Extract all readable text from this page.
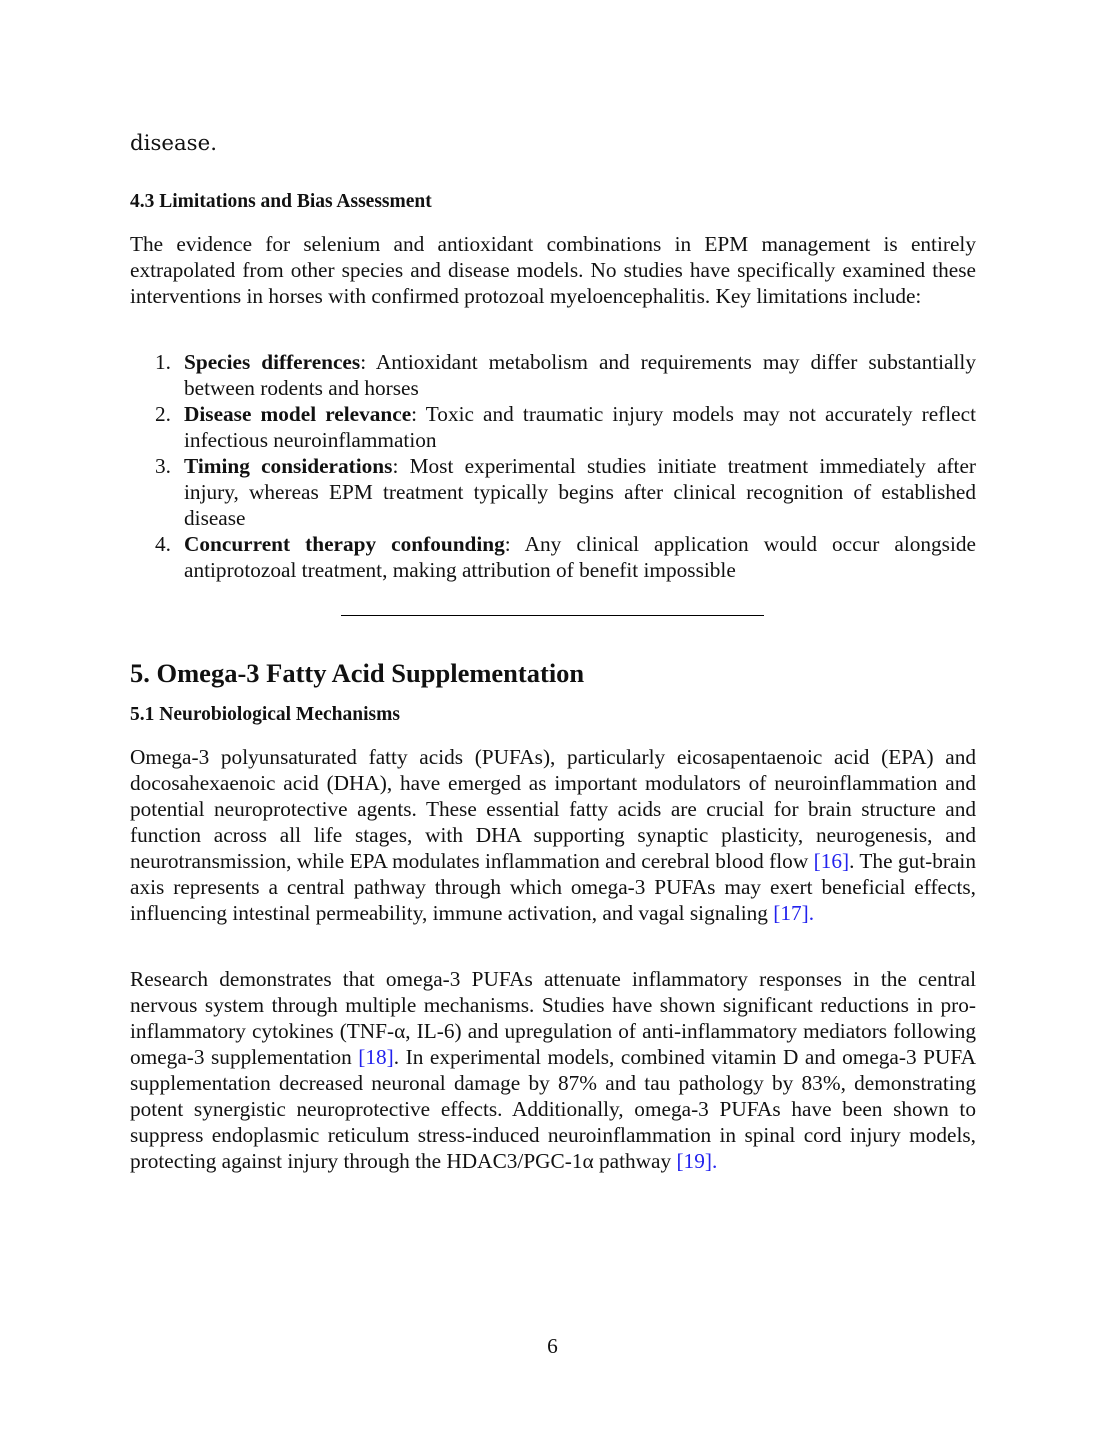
disease.
4.3 Limitations and Bias Assessment

The evidence for selenium and antioxidant combinations in EPM management is entirely extrapolated from other species and disease models. No studies have specifically examined these interventions in horses with confirmed protozoal myeloencephalitis. Key limitations include:

1. Species differences: Antioxidant metabolism and requirements may differ substantially between rodents and horses
2. Disease model relevance: Toxic and traumatic injury models may not accurately reflect infectious neuroinflammation
3. Timing considerations: Most experimental studies initiate treatment immediately after injury, whereas EPM treatment typically begins after clinical recognition of established disease
4. Concurrent therapy confounding: Any clinical application would occur alongside antiprotozoal treatment, making attribution of benefit impossible
5. Omega-3 Fatty Acid Supplementation
5.1 Neurobiological Mechanisms

Omega-3 polyunsaturated fatty acids (PUFAs), particularly eicosapentaenoic acid (EPA) and docosahexaenoic acid (DHA), have emerged as important modulators of neuroinflammation and potential neuroprotective agents. These essential fatty acids are crucial for brain structure and function across all life stages, with DHA supporting synaptic plasticity, neurogenesis, and neurotransmission, while EPA modulates inflammation and cerebral blood flow [16]. The gut-brain axis represents a central pathway through which omega-3 PUFAs may exert beneficial effects, influencing intestinal permeability, immune activation, and vagal signaling [17].

Research demonstrates that omega-3 PUFAs attenuate inflammatory responses in the central nervous system through multiple mechanisms. Studies have shown significant reductions in pro-inflammatory cytokines (TNF-α, IL-6) and upregulation of anti-inflammatory mediators following omega-3 supplementation [18]. In experimental models, combined vitamin D and omega-3 PUFA supplementation decreased neuronal damage by 87% and tau pathology by 83%, demonstrating potent synergistic neuroprotective effects. Additionally, omega-3 PUFAs have been shown to suppress endoplasmic reticulum stress-induced neuroinflammation in spinal cord injury models, protecting against injury through the HDAC3/PGC-1α pathway [19].

6
